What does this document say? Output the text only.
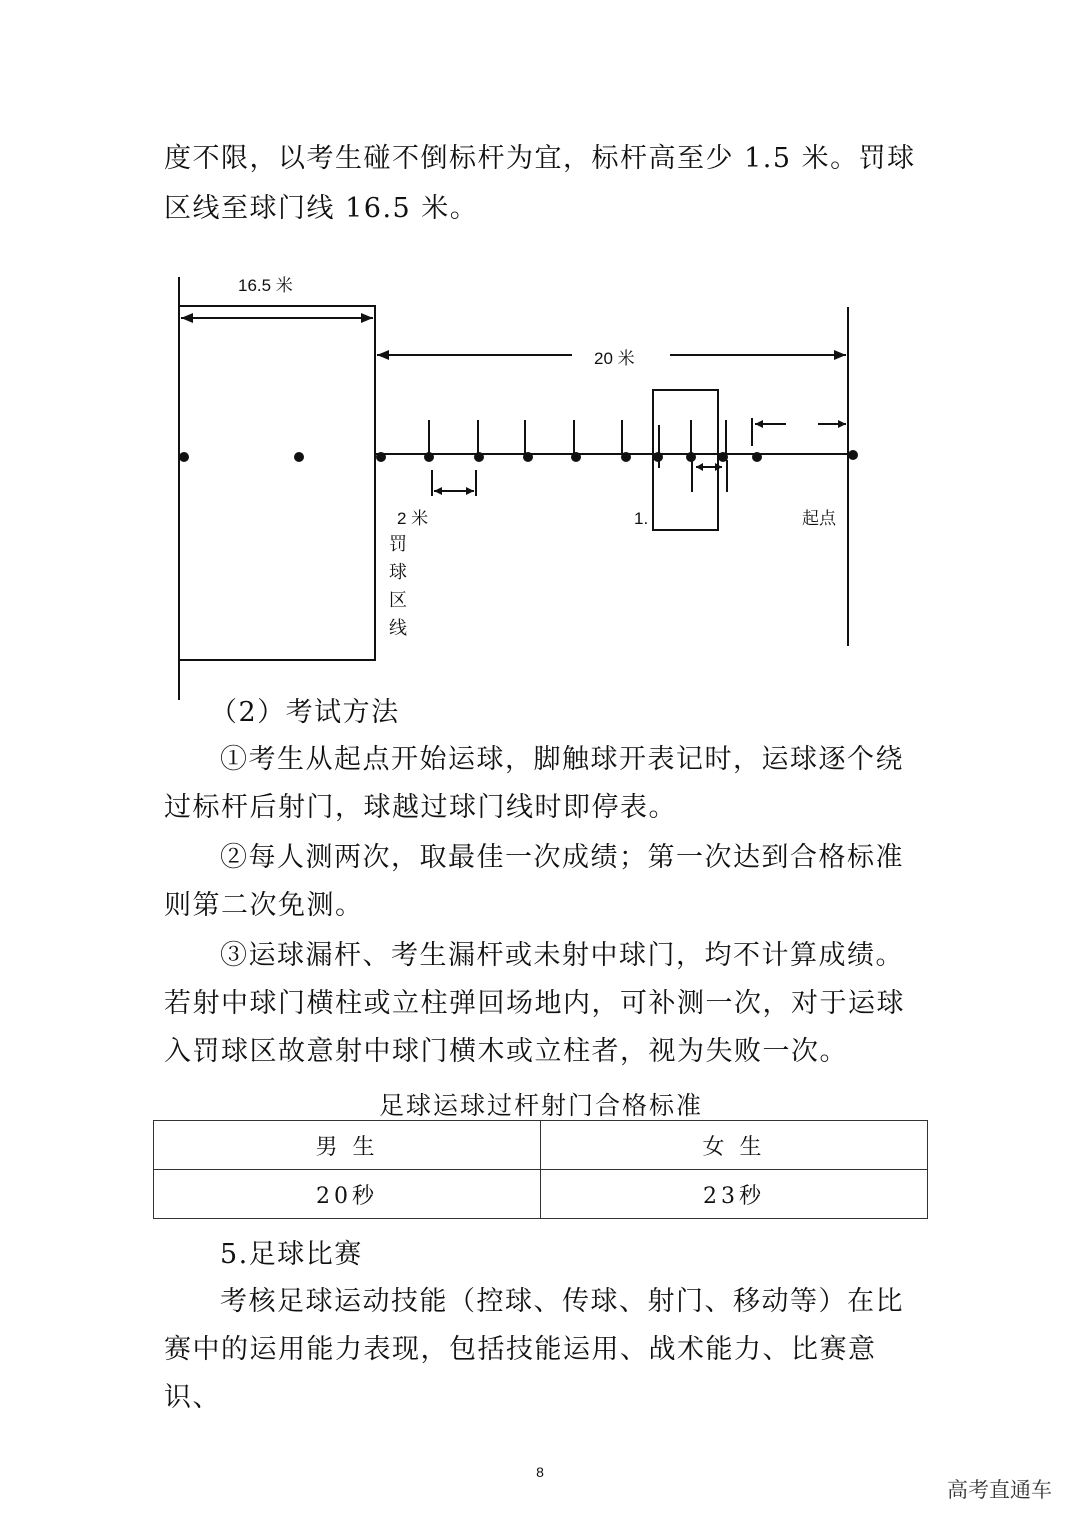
度不限，以考生碰不倒标杆为宜，标杆高至少 1.5 米。罚球

区线至球门线 16.5 米。

16.5 米
20 米
2 米	1.	起点
罚
球
区
线

（2）考试方法

①考生从起点开始运球，脚触球开表记时，运球逐个绕过标杆后射门，球越过球门线时即停表。

②每人测两次，取最佳一次成绩；第一次达到合格标准则第二次免测。

③运球漏杆、考生漏杆或未射中球门，均不计算成绩。若射中球门横柱或立柱弹回场地内，可补测一次，对于运球入罚球区故意射中球门横木或立柱者，视为失败一次。

足球运球过杆射门合格标准

男 生	女 生
20秒	23秒

5.足球比赛

考核足球运动技能（控球、传球、射门、移动等）在比赛中的运用能力表现，包括技能运用、战术能力、比赛意识、

8
高考直通车
